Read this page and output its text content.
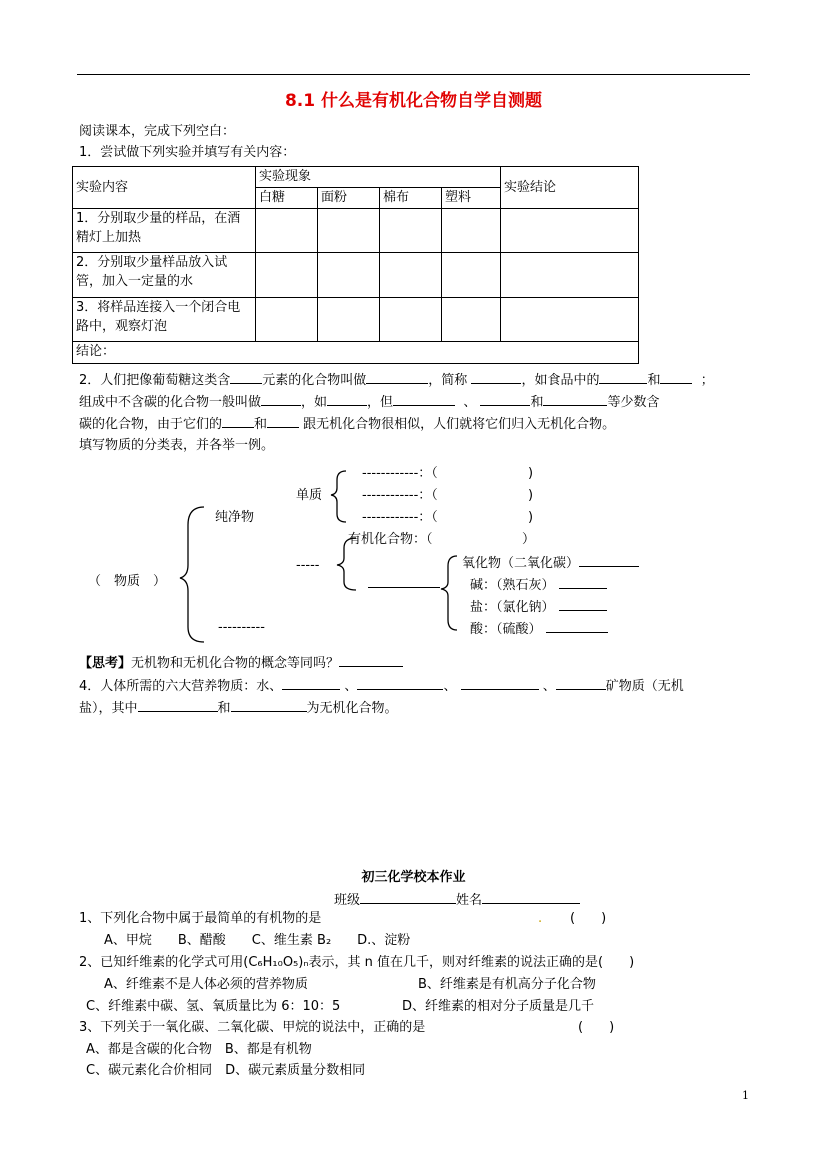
8.1 什么是有机化合物自学自测题
阅读课本，完成下列空白：
1．尝试做下列实验并填写有关内容：
实验内容	实验现象				实验结论
	白糖	面粉	棉布	塑料	
1．分别取少量的样品，在酒精灯上加热					
2．分别取少量样品放入试管，加入一定量的水					
3．将样品连接入一个闭合电路中，观察灯泡					
结论：					
2．人们把像葡萄糖这类含 元素的化合物叫做	，简称	，如食品中的	和	；
组成中不含碳的化合物一般叫做	，如	，但	、	和	等少数含
碳的化合物，由于它们的 和	跟无机化合物很相似，人们就将它们归入无机化合物。
填写物质的分类表，并各举一例。
（　物质　）
纯净物
单质
------------：（	)
------------：（	)
------------：（	)
-----
有机化合物：（	）
氧化物（二氧化碳）
碱：（熟石灰）
盐：（氯化钠）
酸：（硫酸）
----------
【思考】无机物和无机化合物的概念等同吗？
4．人体所需的六大营养物质：水、	、	、	、	矿物质（无机
盐），其中	和	为无机化合物。
初三化学校本作业
班级	姓名
1、下列化合物中属于最简单的有机物的是	. (　　)
A、甲烷　　B、醋酸　　C、维生素 B₂　　D.、淀粉
2、已知纤维素的化学式可用(C₆H₁₀O₅)ₙ表示，其 n 值在几千，则对纤维素的说法正确的是(　　)
A、纤维素不是人体必须的营养物质	B、纤维素是有机高分子化合物
C、纤维素中碳、氢、氧质量比为 6：10：5	D、纤维素的相对分子质量是几千
3、下列关于一氧化碳、二氧化碳、甲烷的说法中，正确的是	(　　)
A、都是含碳的化合物　B、都是有机物
C、碳元素化合价相同　D、碳元素质量分数相同
1
